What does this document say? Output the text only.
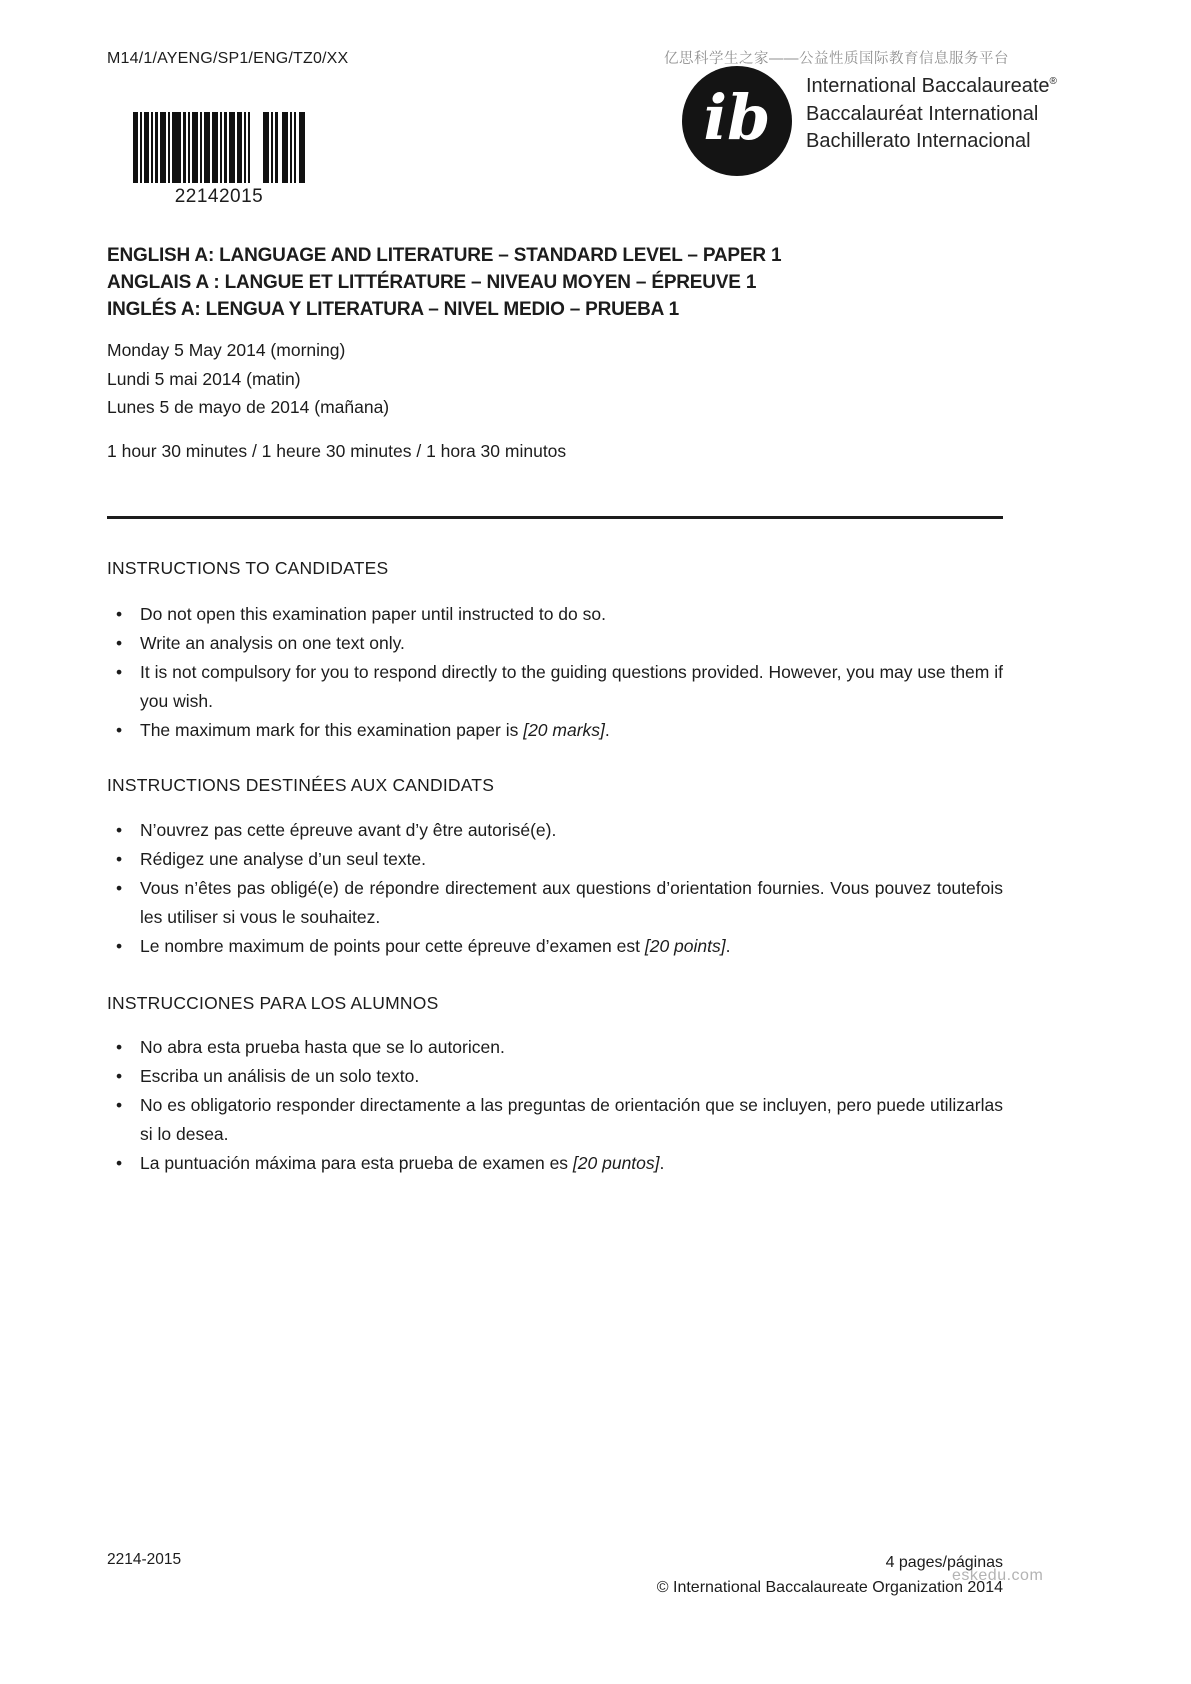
M14/1/AYENG/SP1/ENG/TZ0/XX
22142015
亿思科学生之家——公益性质国际教育信息服务平台
ib International Baccalaureate®
Baccalauréat International
Bachillerato Internacional
ENGLISH A: LANGUAGE AND LITERATURE – STANDARD LEVEL – PAPER 1
ANGLAIS A : LANGUE ET LITTÉRATURE – NIVEAU MOYEN – ÉPREUVE 1
INGLÉS A: LENGUA Y LITERATURA – NIVEL MEDIO – PRUEBA 1
Monday 5 May 2014 (morning)
Lundi 5 mai 2014 (matin)
Lunes 5 de mayo de 2014 (mañana)
1 hour 30 minutes / 1 heure 30 minutes / 1 hora 30 minutos
INSTRUCTIONS TO CANDIDATES
•	Do not open this examination paper until instructed to do so.
•	Write an analysis on one text only.
•	It is not compulsory for you to respond directly to the guiding questions provided. However, you may use them if you wish.
•	The maximum mark for this examination paper is [20 marks].
INSTRUCTIONS DESTINÉES AUX CANDIDATS
•	N’ouvrez pas cette épreuve avant d’y être autorisé(e).
•	Rédigez une analyse d’un seul texte.
•	Vous n’êtes pas obligé(e) de répondre directement aux questions d’orientation fournies. Vous pouvez toutefois les utiliser si vous le souhaitez.
•	Le nombre maximum de points pour cette épreuve d’examen est [20 points].
INSTRUCCIONES PARA LOS ALUMNOS
•	No abra esta prueba hasta que se lo autoricen.
•	Escriba un análisis de un solo texto.
•	No es obligatorio responder directamente a las preguntas de orientación que se incluyen, pero puede utilizarlas si lo desea.
•	La puntuación máxima para esta prueba de examen es [20 puntos].
2214-2015
eskedu.com
4 pages/páginas
© International Baccalaureate Organization 2014
